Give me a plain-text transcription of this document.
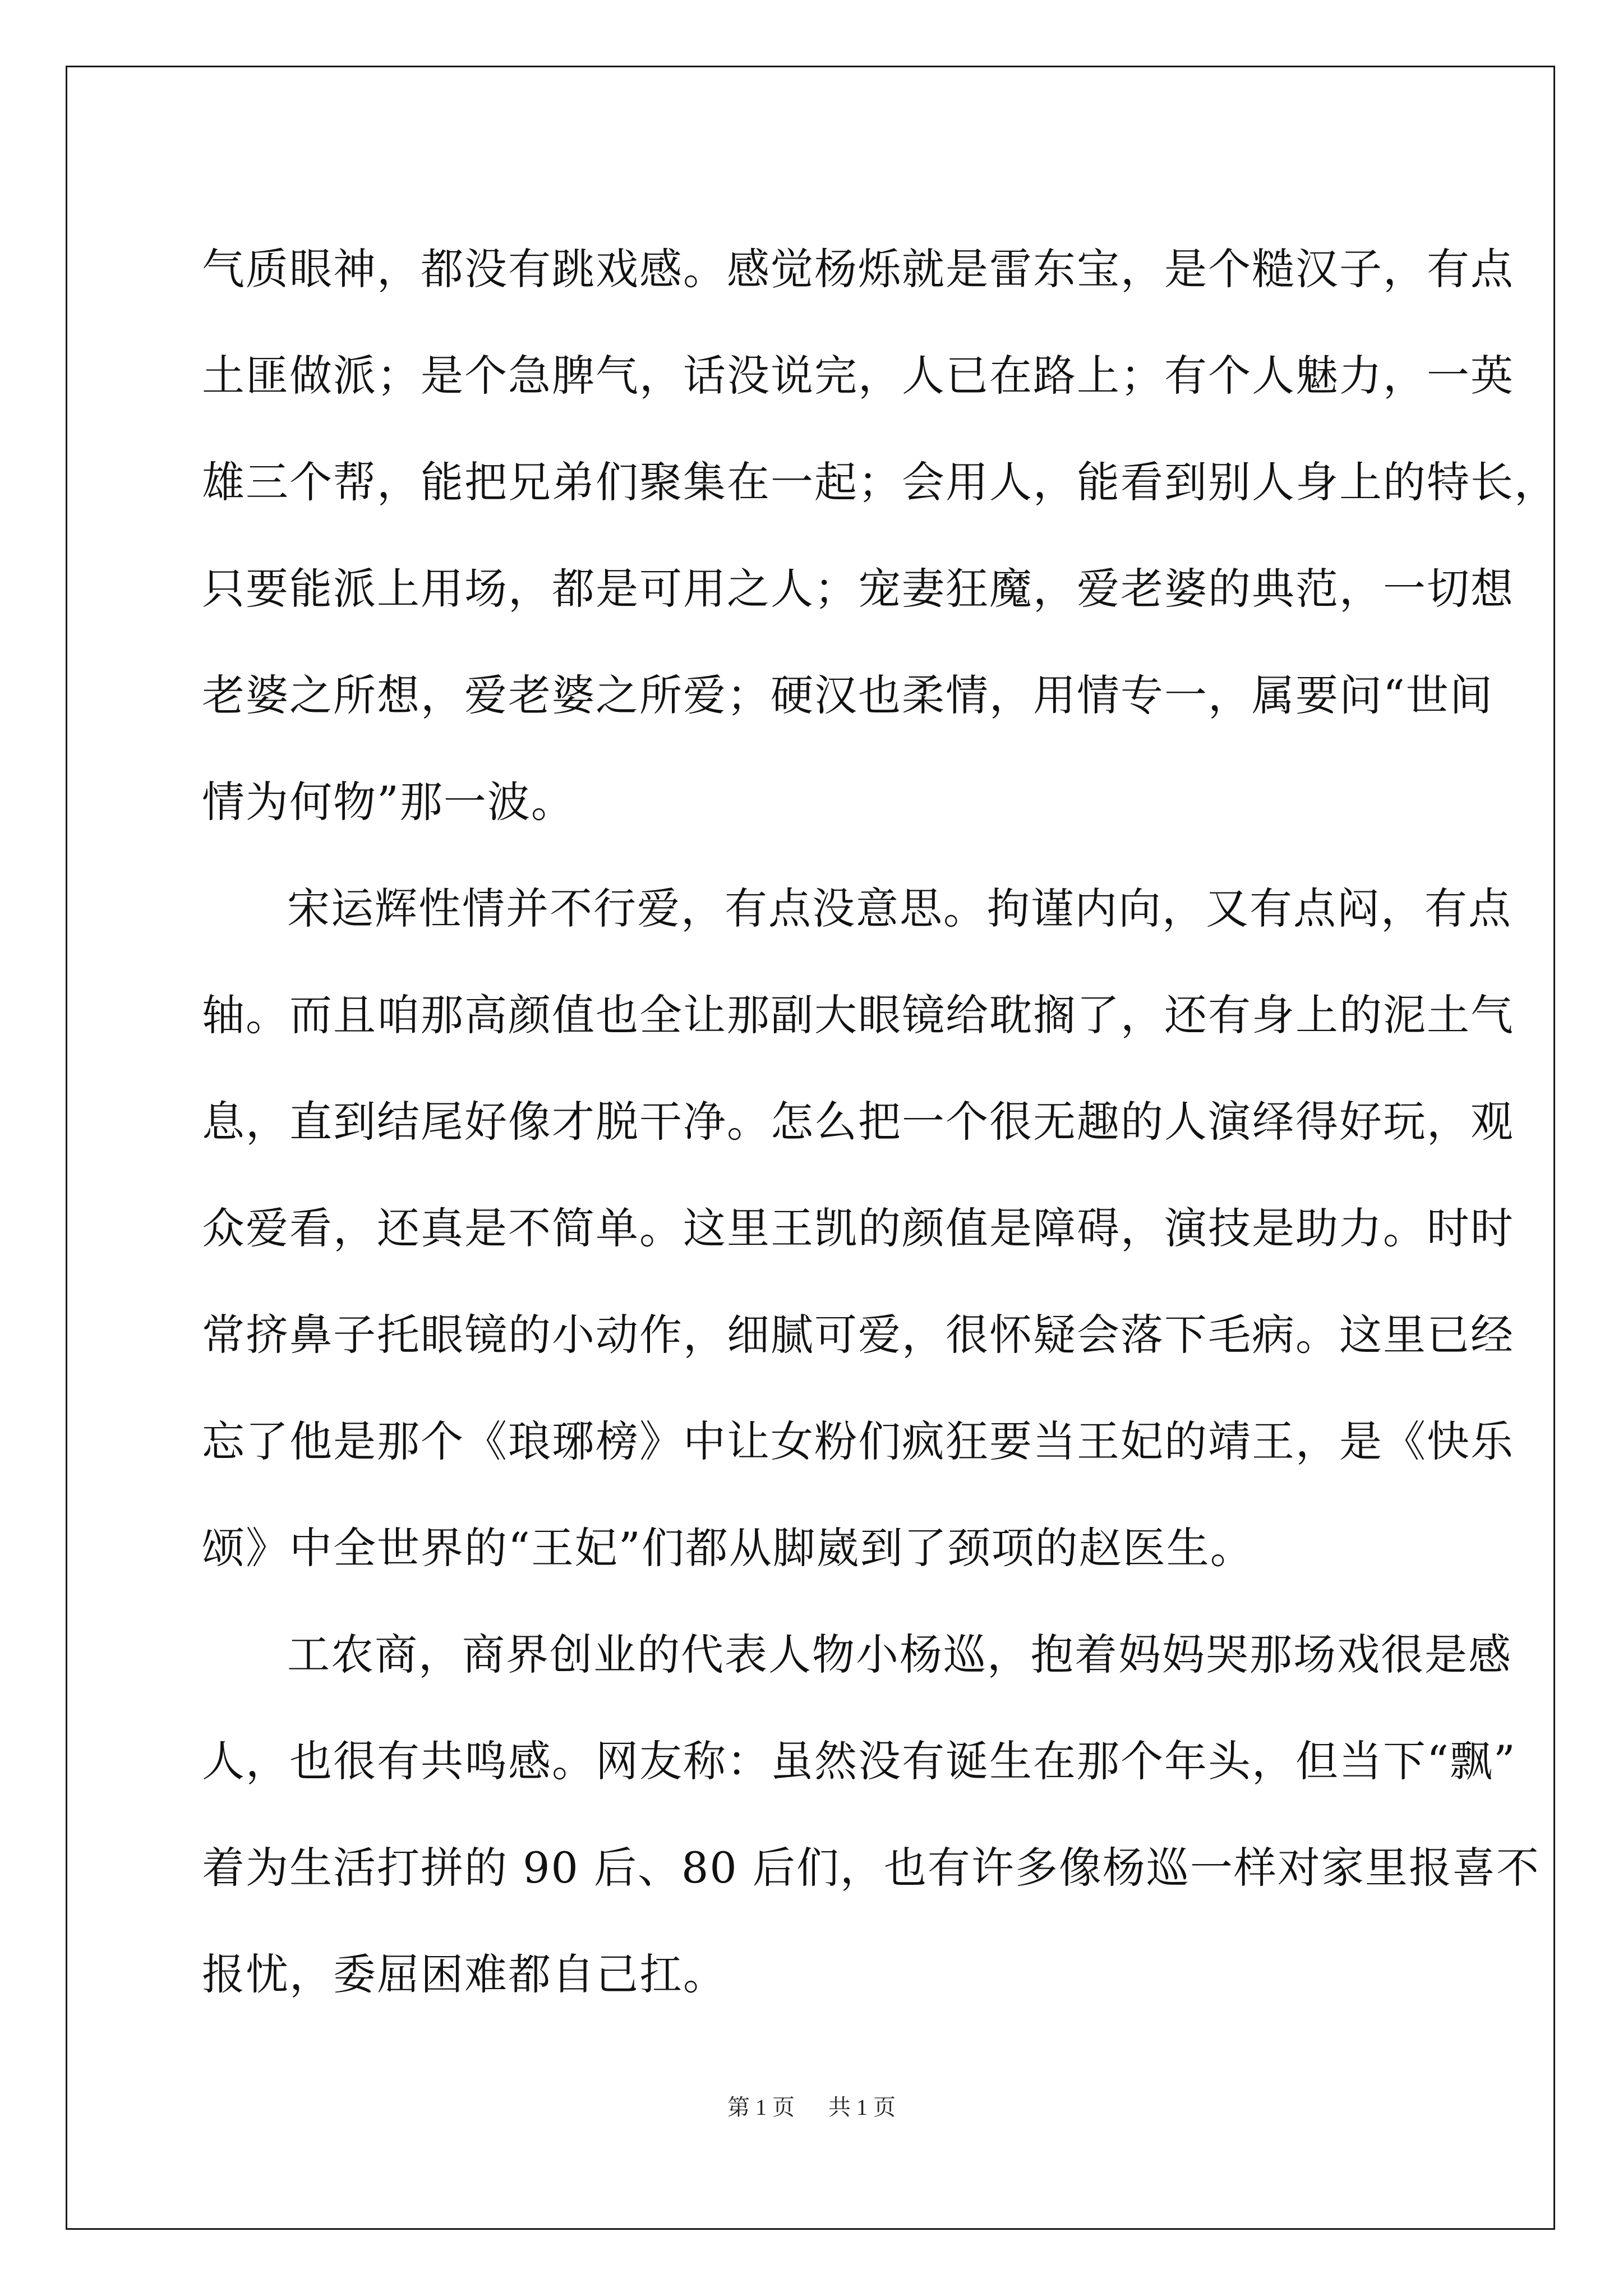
气质眼神，都没有跳戏感。感觉杨烁就是雷东宝，是个糙汉子，有点
土匪做派；是个急脾气，话没说完，人已在路上；有个人魅力，一英
雄三个帮，能把兄弟们聚集在一起；会用人，能看到别人身上的特长，
只要能派上用场，都是可用之人；宠妻狂魔，爱老婆的典范，一切想
老婆之所想，爱老婆之所爱；硬汉也柔情，用情专一，属要问“世间
情为何物”那一波。
宋运辉性情并不行爱，有点没意思。拘谨内向，又有点闷，有点
轴。而且咱那高颜值也全让那副大眼镜给耽搁了，还有身上的泥土气
息，直到结尾好像才脱干净。怎么把一个很无趣的人演绎得好玩，观
众爱看，还真是不简单。这里王凯的颜值是障碍，演技是助力。时时
常挤鼻子托眼镜的小动作，细腻可爱，很怀疑会落下毛病。这里已经
忘了他是那个《琅琊榜》中让女粉们疯狂要当王妃的靖王，是《快乐
颂》中全世界的“王妃”们都从脚崴到了颈项的赵医生。
工农商，商界创业的代表人物小杨巡，抱着妈妈哭那场戏很是感
人，也很有共鸣感。网友称：虽然没有诞生在那个年头，但当下“飘”
着为生活打拼的 90 后、80 后们，也有许多像杨巡一样对家里报喜不
报忧，委屈困难都自己扛。
第 1 页 共 1 页
